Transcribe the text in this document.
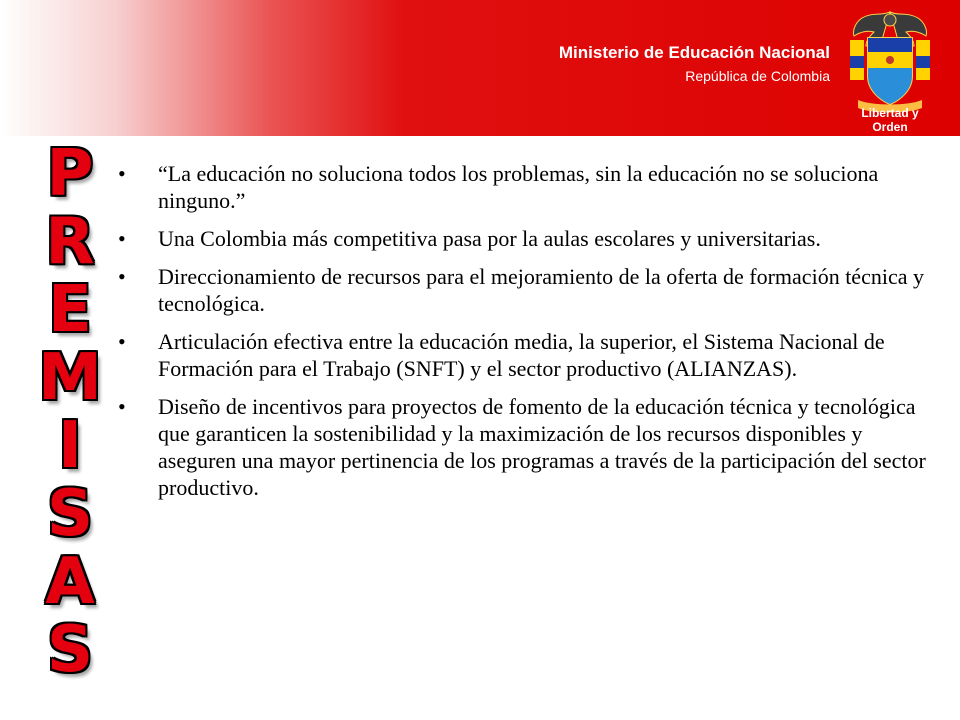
Ministerio de Educación Nacional
República de Colombia
Libertad y Orden
P
R
E
M
I
S
A
S
• “La educación no soluciona todos los problemas, sin la educación no se soluciona ninguno.”
• Una Colombia más competitiva pasa por la aulas escolares y universitarias.
• Direccionamiento de recursos para el mejoramiento de la oferta de formación técnica y tecnológica.
• Articulación efectiva entre la educación media, la superior, el Sistema Nacional de Formación para el Trabajo (SNFT) y el sector productivo (ALIANZAS).
• Diseño de incentivos para proyectos de fomento de la educación técnica y tecnológica que garanticen la sostenibilidad y la maximización de los recursos disponibles y aseguren una mayor pertinencia de los programas a través de la participación del sector productivo.
